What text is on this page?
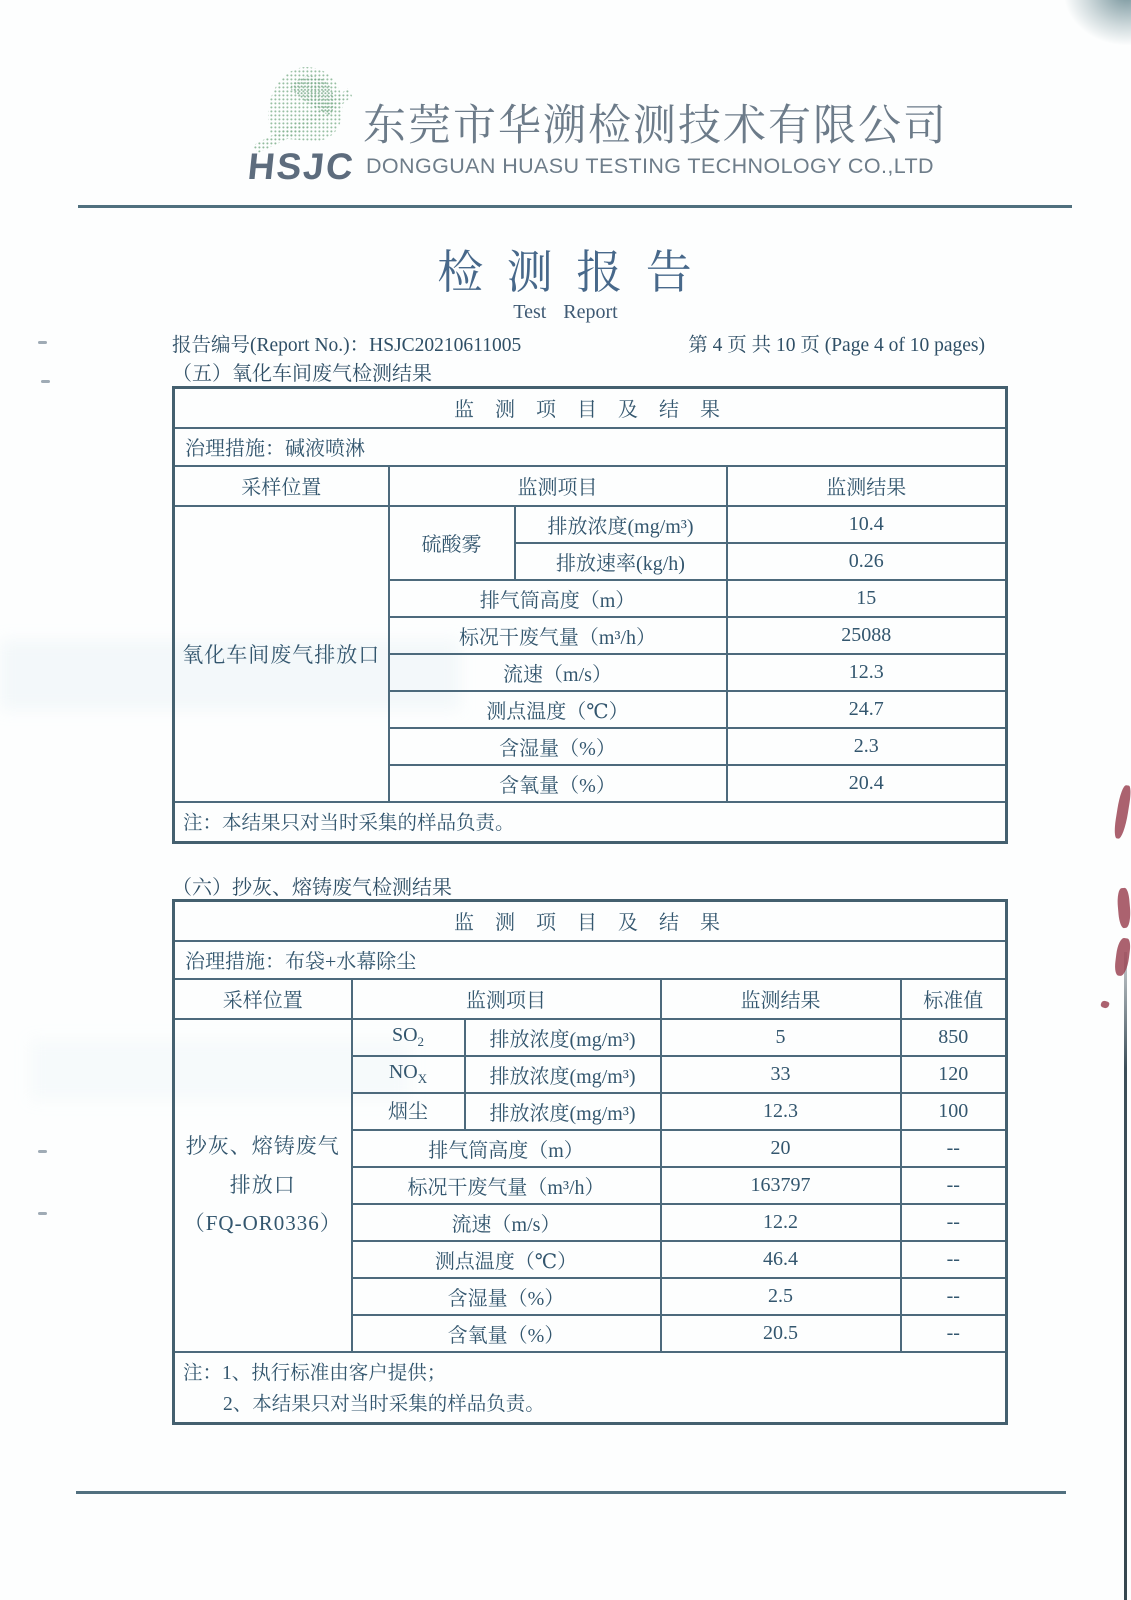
HSJC
东莞市华溯检测技术有限公司
DONGGUAN HUASU TESTING TECHNOLOGY CO.,LTD
检 测 报 告
Test Report
报告编号(Report No.)：HSJC20210611005	第 4 页 共 10 页 (Page 4 of 10 pages)
（五）氧化车间废气检测结果
监 测 项 目 及 结 果			
治理措施：碱液喷淋			
采样位置	监测项目		监测结果
氧化车间废气排放口	硫酸雾	排放浓度(mg/m³)	10.4
		排放速率(kg/h)	0.26
	排气筒高度（m）		15
	标况干废气量（m³/h）		25088
	流速（m/s）		12.3
	测点温度（℃）		24.7
	含湿量（%）		2.3
	含氧量（%）		20.4
注：本结果只对当时采集的样品负责。			
（六）抄灰、熔铸废气检测结果
监 测 项 目 及 结 果				
治理措施：布袋+水幕除尘				
采样位置	监测项目		监测结果	标准值

抄灰、熔铸废气
排放口
（FQ-OR0336）	$SO_2$	排放浓度(mg/m³)	5	850
	$NO_X$	排放浓度(mg/m³)	33	120
	烟尘	排放浓度(mg/m³)	12.3	100
	排气筒高度（m）		20	--
	标况干废气量（m³/h）		163797	--
	流速（m/s）		12.2	--
	测点温度（℃）		46.4	--
	含湿量（%）		2.5	--
	含氧量（%）		20.5	--

注：1、执行标准由客户提供；
2、本结果只对当时采集的样品负责。				
